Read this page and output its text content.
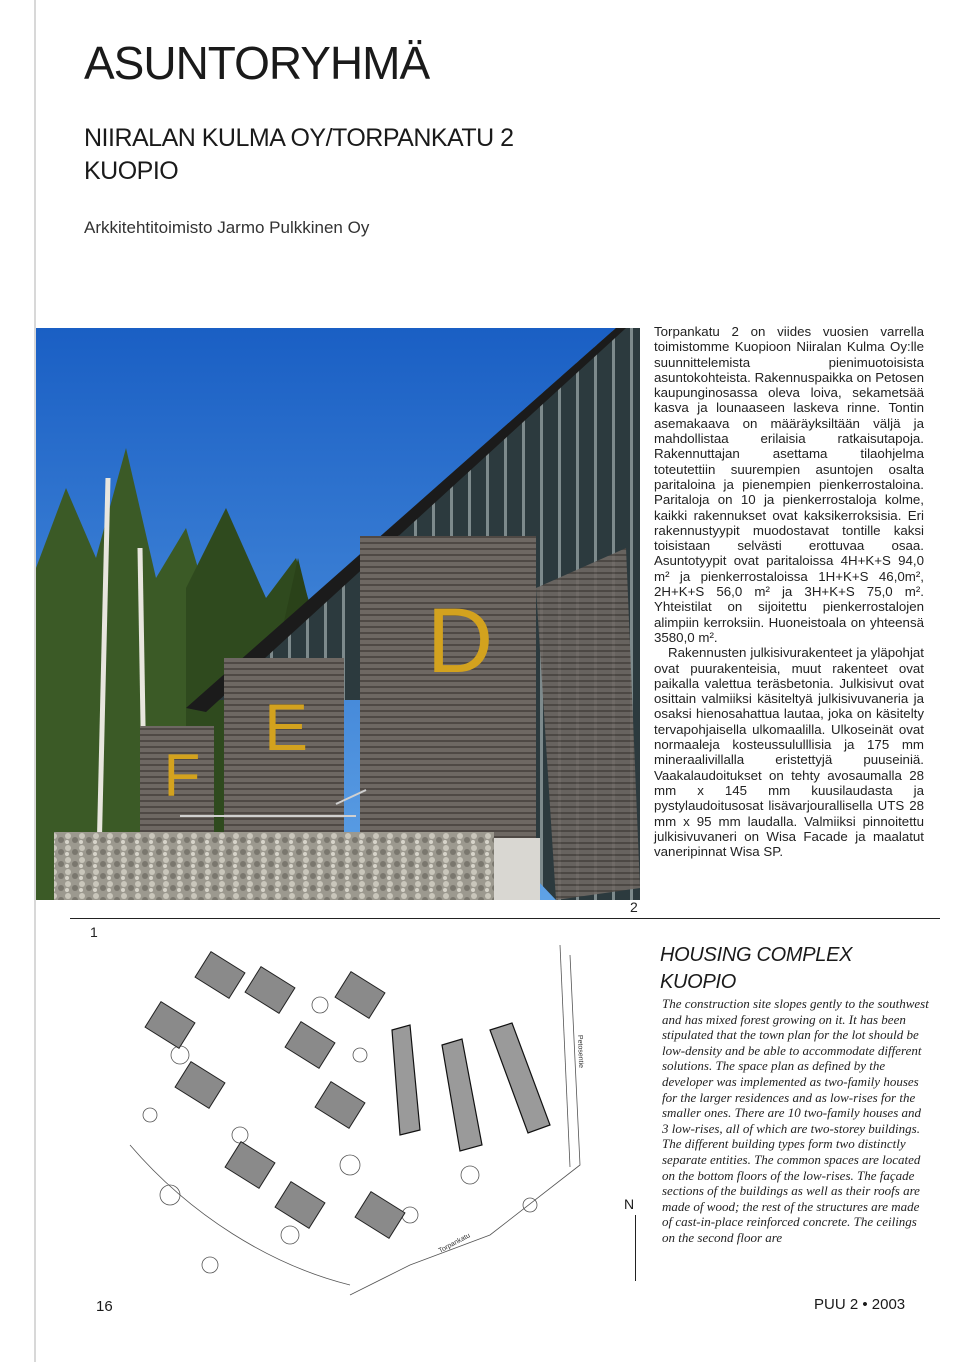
ASUNTORYHMÄ
NIIRALAN KULMA OY/TORPANKATU 2
KUOPIO
Arkkitehtitoimisto Jarmo Pulkkinen Oy
F
E
D
2

Torpankatu 2 on viides vuosien varrella toimistomme Kuopioon Niiralan Kulma Oy:lle suunnittelemista pienimuotoisista asuntokohteista. Rakennuspaikka on Petosen kaupunginosassa oleva loiva, sekametsää kasva ja lounaaseen laskeva rinne. Tontin asemakaava on määräyksiltään väljä ja mahdollistaa erilaisia ratkaisutapoja. Rakennuttajan asettama tilaohjelma toteutettiin suurempien asuntojen osalta paritaloina ja pienempien pienkerrostaloina. Paritaloja on 10 ja pienkerrostaloja kolme, kaikki rakennukset ovat kaksikerroksisia. Eri rakennustyypit muodostavat tontille kaksi toisistaan selvästi erottuvaa osaa. Asuntotyypit ovat paritaloissa 4H+K+S 94,0 m² ja pienkerrostaloissa 1H+K+S 46,0m², 2H+K+S 56,0 m² ja 3H+K+S 75,0 m². Yhteistilat on sijoitettu pienkerrostalojen alimpiin kerroksiin. Huoneistoala on yhteensä 3580,0 m².

Rakennusten julkisivurakenteet ja yläpohjat ovat puurakenteisia, muut rakenteet ovat paikalla valettua teräsbetonia. Julkisivut ovat osittain valmiiksi käsiteltyä julkisivuvaneria ja osaksi hienosahattua lautaa, joka on käsitelty tervapohjaisella ulkomaalilla. Ulkoseinät ovat normaaleja kosteussululllisia ja 175 mm mineraalivillalla eristettyjä puuseiniä. Vaakalaudoitukset on tehty avosaumalla 28 mm x 145 mm kuusilaudasta ja pystylaudoitusosat lisävarjourallisella UTS 28 mm x 95 mm laudalla. Valmiiksi pinnoitettu julkisivuvaneri on Wisa Facade ja maalatut vaneripinnat Wisa SP.

1
Torpankatu
Petosentie
N
HOUSING COMPLEX
KUOPIO

The construction site slopes gently to the southwest and has mixed forest growing on it. It has been stipulated that the town plan for the lot should be low-density and be able to accommodate different solutions. The space plan as defined by the developer was implemented as two-family houses for the larger residences and as low-rises for the smaller ones. There are 10 two-family houses and 3 low-rises, all of which are two-storey buildings. The different building types form two distinctly separate entities. The common spaces are located on the bottom floors of the low-rises. The façade sections of the buildings as well as their roofs are made of wood; the rest of the structures are made of cast-in-place reinforced concrete. The ceilings on the second floor are

16	PUU 2 • 2003
